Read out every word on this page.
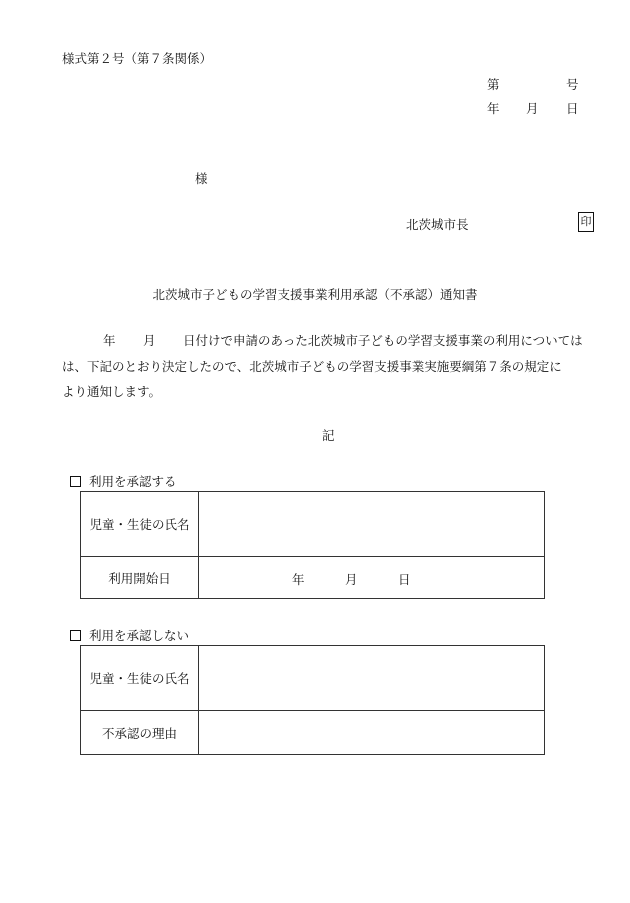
様式第２号（第７条関係）
第	号
年 月 日
様
北茨城市長	印
北茨城市子どもの学習支援事業利用承認（不承認）通知書
年 月 日付けで申請のあった北茨城市子どもの学習支援事業の利用については
は、下記のとおり決定したので、北茨城市子どもの学習支援事業実施要綱第７条の規定に
より通知します。
記
利用を承認する
児童・生徒の氏名	
利用開始日	年 月 日
利用を承認しない
児童・生徒の氏名	
不承認の理由	
